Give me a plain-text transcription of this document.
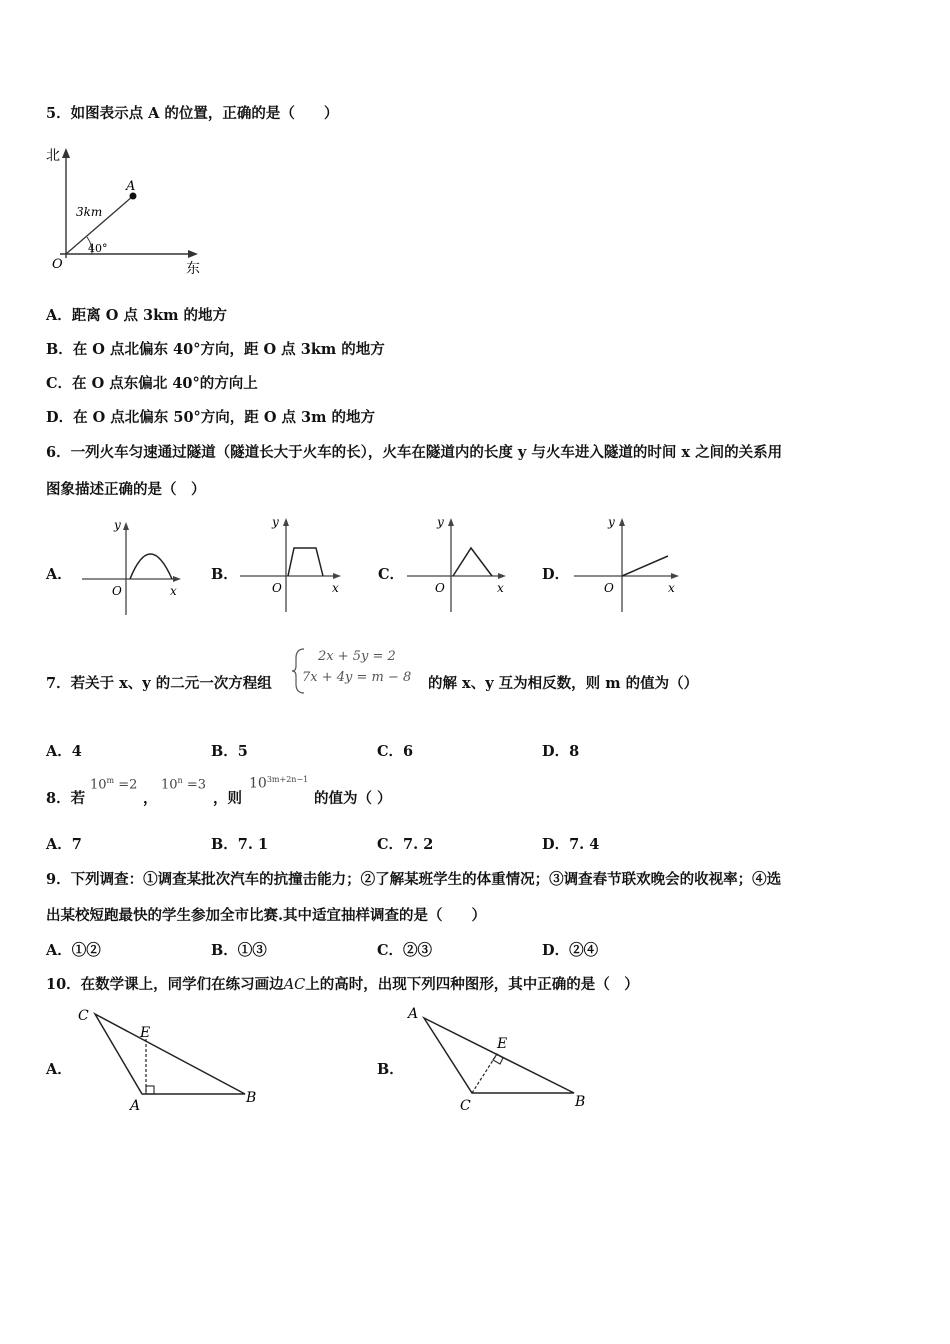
5．如图表示点 A 的位置，正确的是（　　）
北
东
O
A
3km
40°
A．距离 O 点 3km 的地方
B．在 O 点北偏东 40°方向，距 O 点 3km 的地方
C．在 O 点东偏北 40°的方向上
D．在 O 点北偏东 50°方向，距 O 点 3m 的地方
6．一列火车匀速通过隧道（隧道长大于火车的长），火车在隧道内的长度 y 与火车进入隧道的时间 x 之间的关系用
图象描述正确的是（　）
A．
y
x
O
B．
y
x
O
C．
y
x
O
D．
y
x
O
7．若关于 x、y 的二元一次方程组
2x + 5y = 2
7x + 4y = m − 8 的解 x、y 互为相反数，则 m 的值为（）
A．4	B．5	C．6	D．8
8．若
$10^m =2$
，
$10^n =3$
，则
$10^{3m+2n-1}$
的值为（ ）
A．7	B．7. 1	C．7. 2	D．7. 4
9．下列调查：①调查某批次汽车的抗撞击能力；②了解某班学生的体重情况；③调查春节联欢晚会的收视率；④选
出某校短跑最快的学生参加全市比赛.其中适宜抽样调查的是（　　）
A．①②	B．①③	C．②③	D．②④
10．在数学课上，同学们在练习画边AC上的高时，出现下列四种图形，其中正确的是（　）
A．
C
E
A	B
B．
A
E
C	B
